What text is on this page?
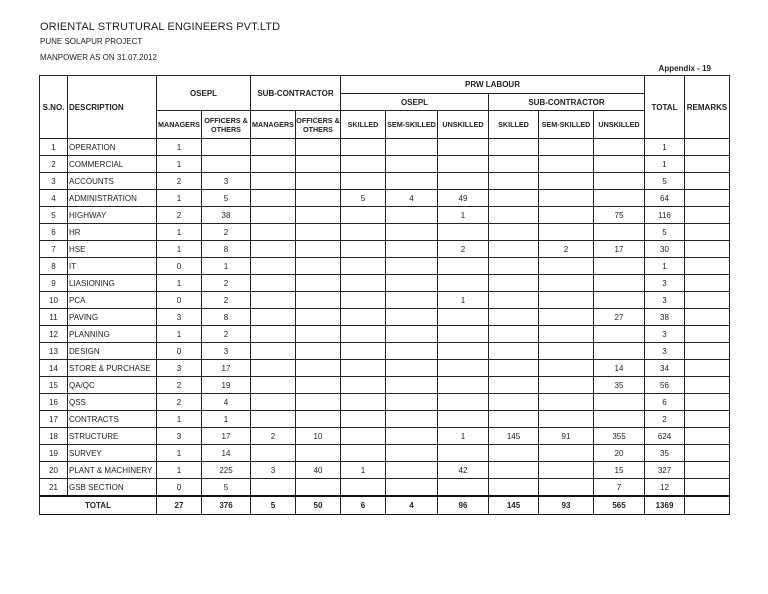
ORIENTAL STRUTURAL ENGINEERS PVT.LTD
PUNE SOLAPUR PROJECT
MANPOWER AS ON 31.07.2012
Appendix - 19
S.NO.	DESCRIPTION	OSEPL		SUB-CONTRACTOR		PRW LABOUR						TOTAL	REMARKS
						OSEPL			SUB-CONTRACTOR				
		MANAGERS	OFFICERS & OTHERS	MANAGERS	OFFICERS & OTHERS	SKILLED	SEM-SKILLED	UNSKILLED	SKILLED	SEM-SKILLED	UNSKILLED		
1	OPERATION	1										1	
2	COMMERCIAL	1										1	
3	ACCOUNTS	2	3									5	
4	ADMINISTRATION	1	5			5	4	49				64	
5	HIGHWAY	2	38					1			75	116	
6	HR	1	2									5	
7	HSE	1	8					2		2	17	30	
8	IT	0	1									1	
9	LIASIONING	1	2									3	
10	PCA	0	2					1				3	
11	PAVING	3	8								27	38	
12	PLANNING	1	2									3	
13	DESIGN	0	3									3	
14	STORE & PURCHASE	3	17								14	34	
15	QA/QC	2	19								35	56	
16	QSS	2	4									6	
17	CONTRACTS	1	1									2	
18	STRUCTURE	3	17	2	10			1	145	91	355	624	
19	SURVEY	1	14								20	35	
20	PLANT & MACHINERY	1	225	3	40	1		42			15	327	
21	GSB SECTION	0	5								7	12	
TOTAL		27	376	5	50	6	4	96	145	93	565	1369	
